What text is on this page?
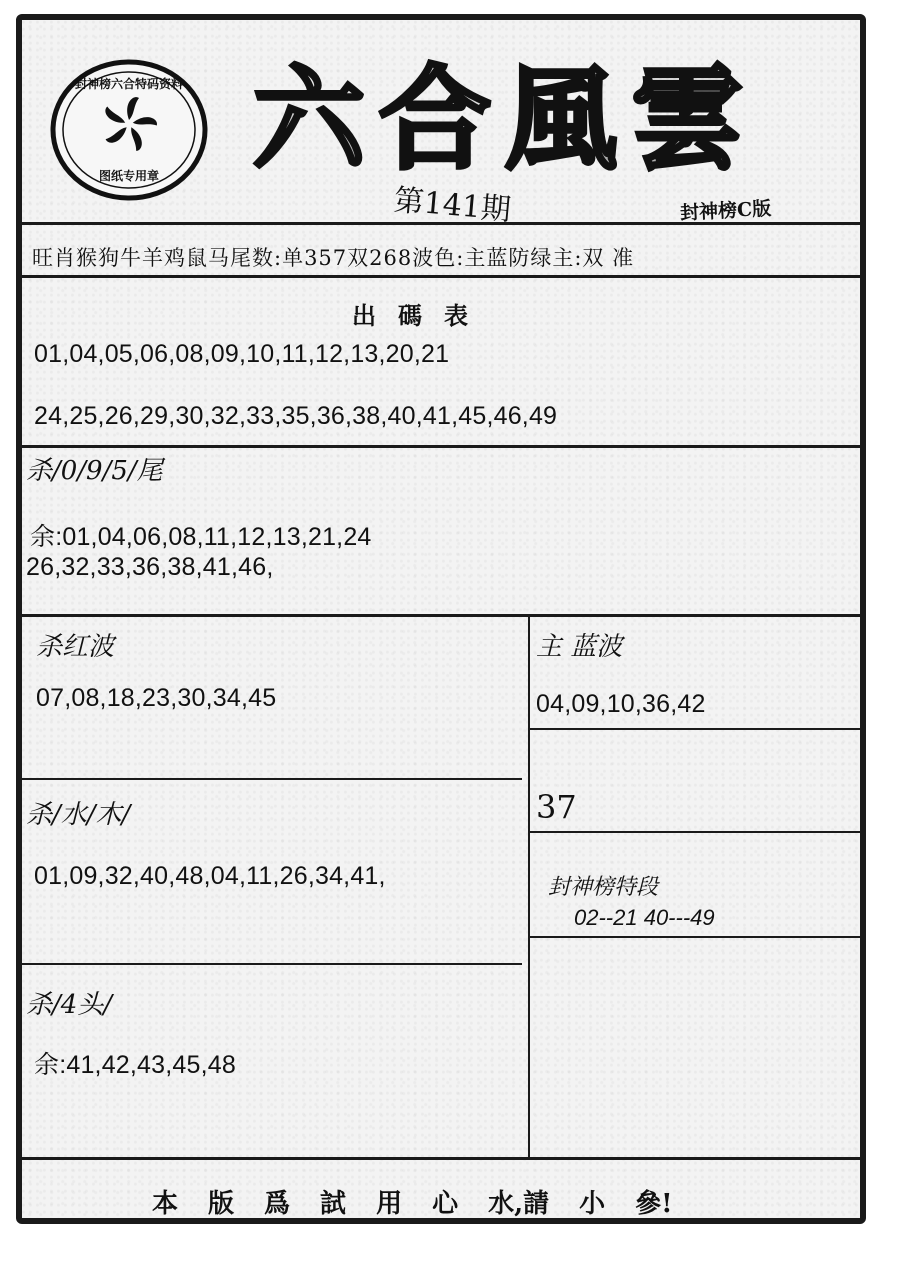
封神榜六合特码资料
图纸专用章 六合風雲
第141期	封神榜C版
旺肖猴狗牛羊鸡鼠马尾数:单357双268波色:主蓝防绿主:双 准
出碼表
01,04,05,06,08,09,10,11,12,13,20,21
24,25,26,29,30,32,33,35,36,38,40,41,45,46,49
杀/0/9/5/尾
余:01,04,06,08,11,12,13,21,24
26,32,33,36,38,41,46,
杀红波
07,08,18,23,30,34,45
杀/水/木/
01,09,32,40,48,04,11,26,34,41,
杀/4头/
余:41,42,43,45,48
主 蓝波
04,09,10,36,42
37
封神榜特段
02--21 40---49
本 版 爲 試 用 心 水,請 小 參!
